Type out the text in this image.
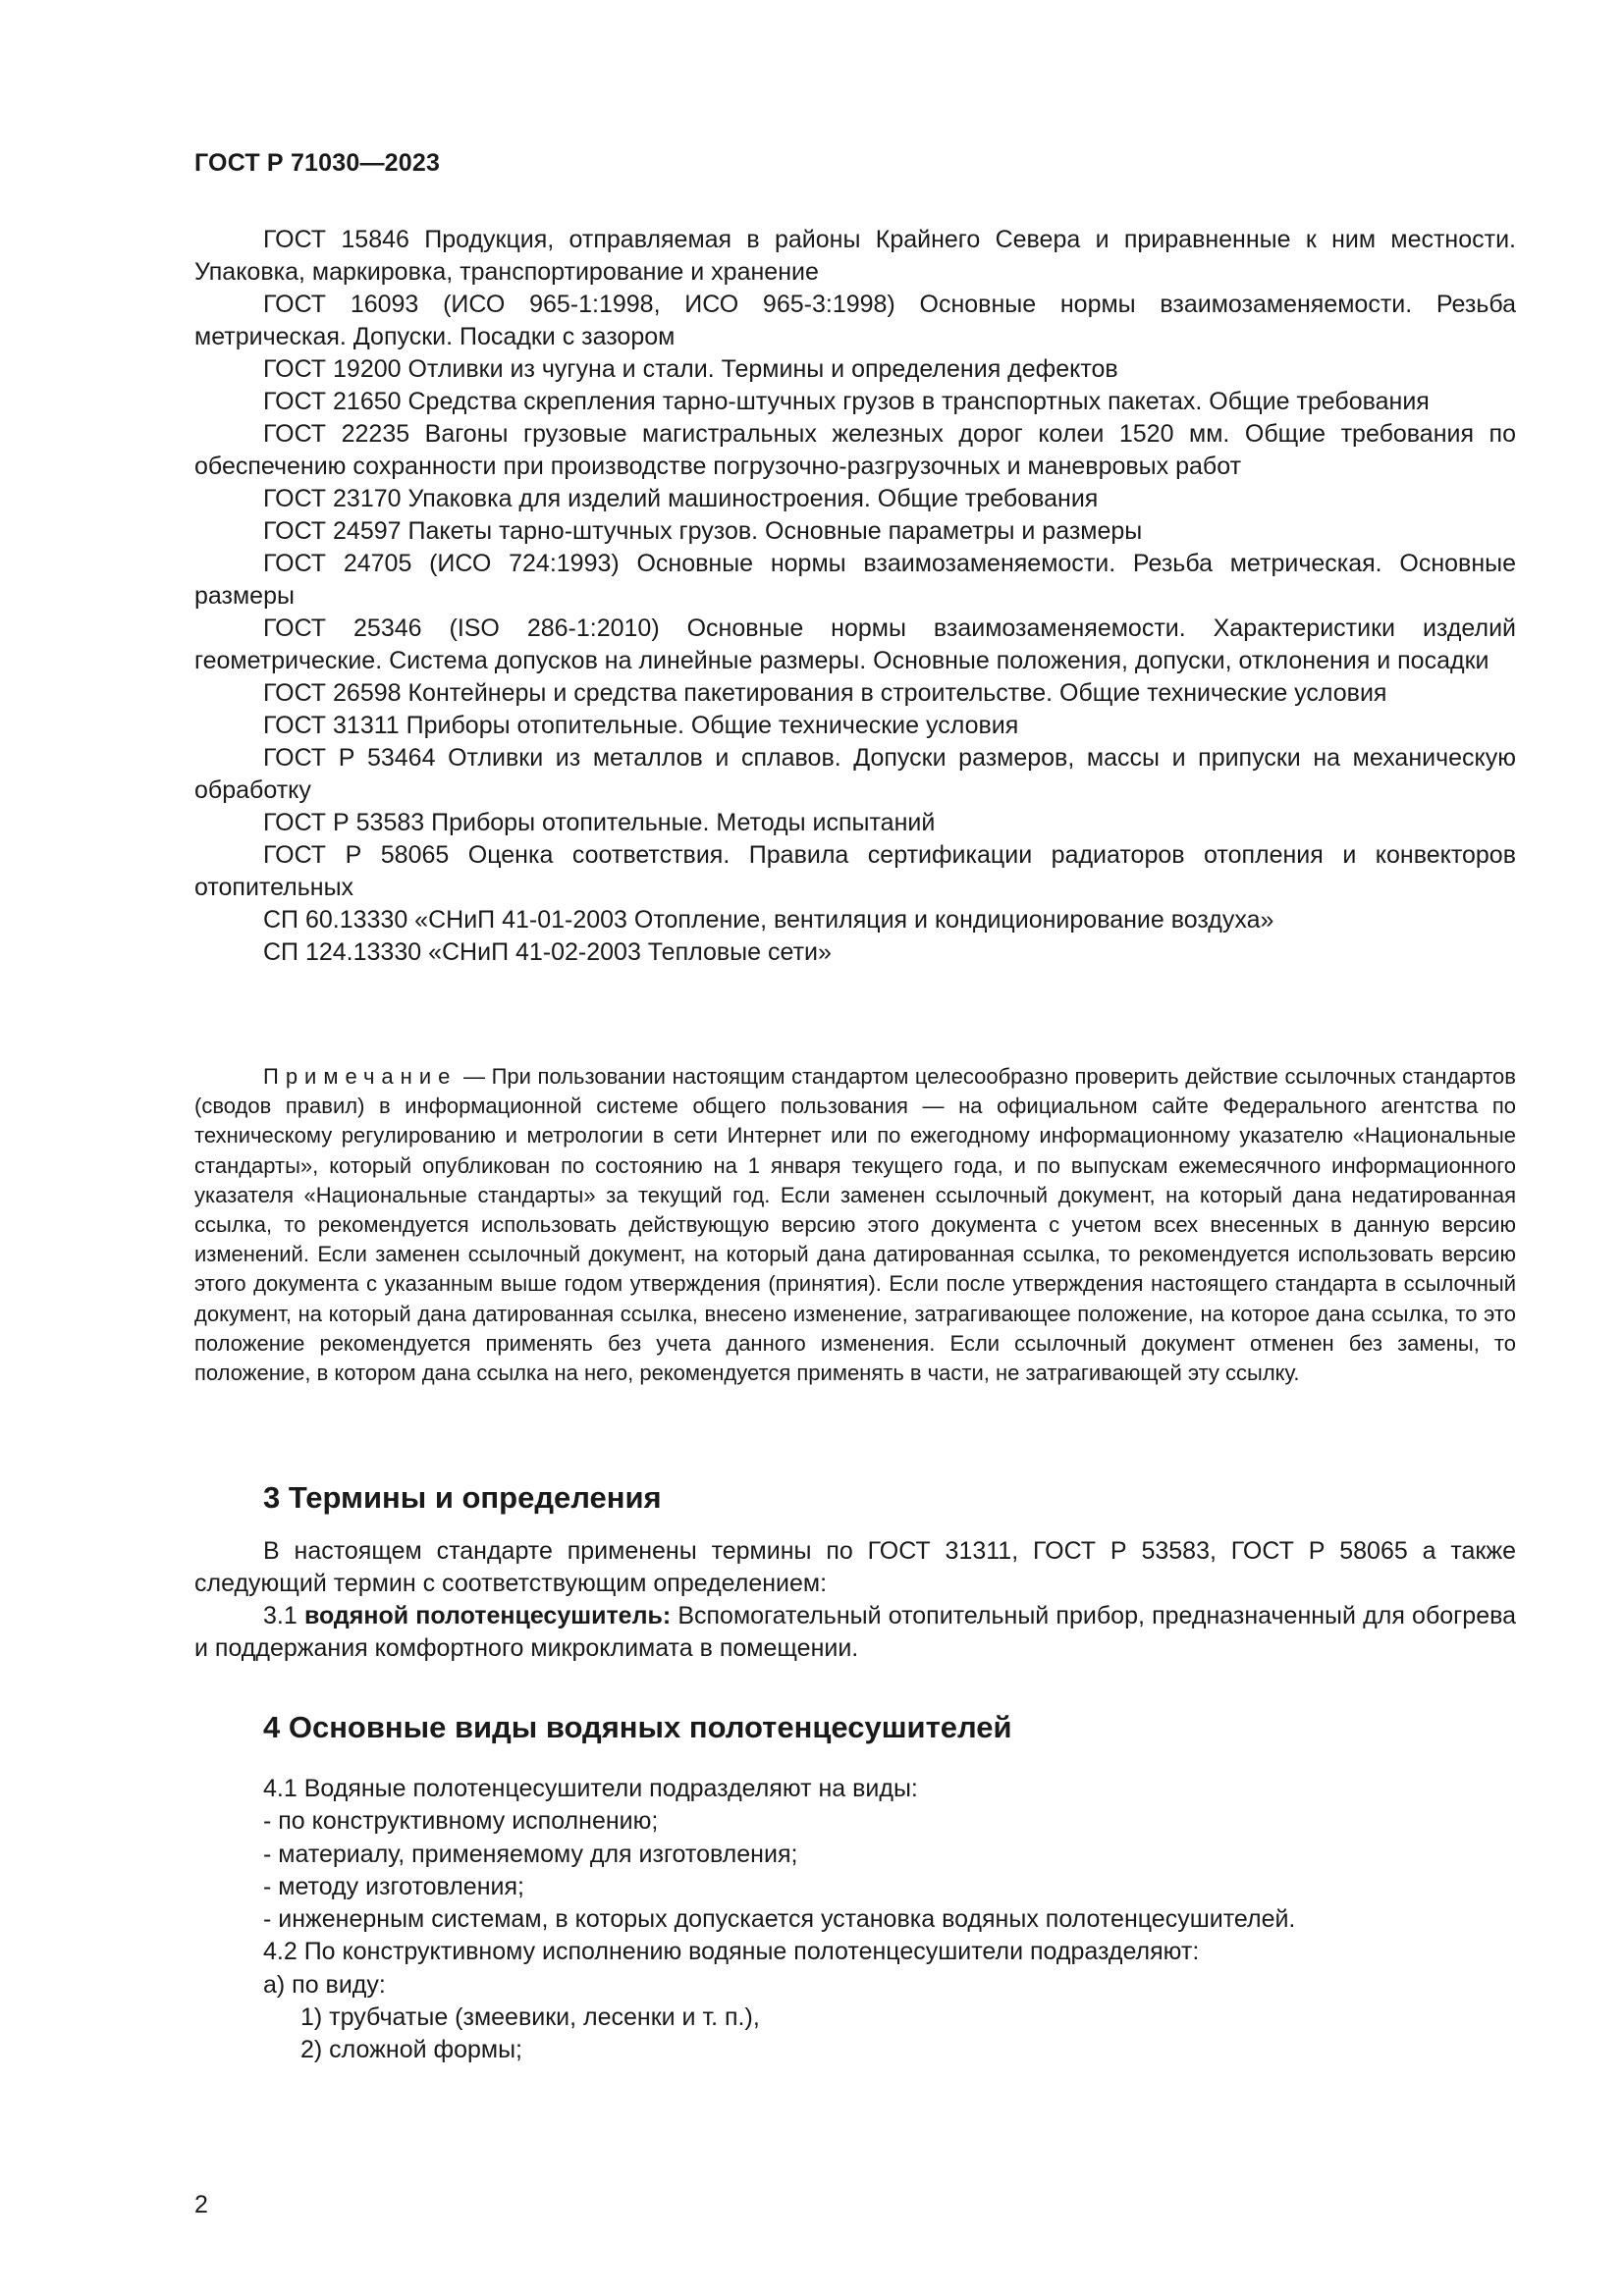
ГОСТ Р 71030—2023

ГОСТ 15846 Продукция, отправляемая в районы Крайнего Севера и приравненные к ним местности. Упаковка, маркировка, транспортирование и хранение

ГОСТ 16093 (ИСО 965-1:1998, ИСО 965-3:1998) Основные нормы взаимозаменяемости. Резьба метрическая. Допуски. Посадки с зазором

ГОСТ 19200 Отливки из чугуна и стали. Термины и определения дефектов

ГОСТ 21650 Средства скрепления тарно-штучных грузов в транспортных пакетах. Общие требования

ГОСТ 22235 Вагоны грузовые магистральных железных дорог колеи 1520 мм. Общие требования по обеспечению сохранности при производстве погрузочно-разгрузочных и маневровых работ

ГОСТ 23170 Упаковка для изделий машиностроения. Общие требования

ГОСТ 24597 Пакеты тарно-штучных грузов. Основные параметры и размеры

ГОСТ 24705 (ИСО 724:1993) Основные нормы взаимозаменяемости. Резьба метрическая. Основные размеры

ГОСТ 25346 (ISO 286-1:2010) Основные нормы взаимозаменяемости. Характеристики изделий геометрические. Система допусков на линейные размеры. Основные положения, допуски, отклонения и посадки

ГОСТ 26598 Контейнеры и средства пакетирования в строительстве. Общие технические условия

ГОСТ 31311 Приборы отопительные. Общие технические условия

ГОСТ Р 53464 Отливки из металлов и сплавов. Допуски размеров, массы и припуски на механическую обработку

ГОСТ Р 53583 Приборы отопительные. Методы испытаний

ГОСТ Р 58065 Оценка соответствия. Правила сертификации радиаторов отопления и конвекторов отопительных

СП 60.13330 «СНиП 41-01-2003 Отопление, вентиляция и кондиционирование воздуха»

СП 124.13330 «СНиП 41-02-2003 Тепловые сети»

Примечание — При пользовании настоящим стандартом целесообразно проверить действие ссылочных стандартов (сводов правил) в информационной системе общего пользования — на официальном сайте Федерального агентства по техническому регулированию и метрологии в сети Интернет или по ежегодному информационному указателю «Национальные стандарты», который опубликован по состоянию на 1 января текущего года, и по выпускам ежемесячного информационного указателя «Национальные стандарты» за текущий год. Если заменен ссылочный документ, на который дана недатированная ссылка, то рекомендуется использовать действующую версию этого документа с учетом всех внесенных в данную версию изменений. Если заменен ссылочный документ, на который дана датированная ссылка, то рекомендуется использовать версию этого документа с указанным выше годом утверждения (принятия). Если после утверждения настоящего стандарта в ссылочный документ, на который дана датированная ссылка, внесено изменение, затрагивающее положение, на которое дана ссылка, то это положение рекомендуется применять без учета данного изменения. Если ссылочный документ отменен без замены, то положение, в котором дана ссылка на него, рекомендуется применять в части, не затрагивающей эту ссылку.

3 Термины и определения

В настоящем стандарте применены термины по ГОСТ 31311, ГОСТ Р 53583, ГОСТ Р 58065 а также следующий термин с соответствующим определением:

3.1 водяной полотенцесушитель: Вспомогательный отопительный прибор, предназначенный для обогрева и поддержания комфортного микроклимата в помещении.

4 Основные виды водяных полотенцесушителей

4.1 Водяные полотенцесушители подразделяют на виды:

- по конструктивному исполнению;

- материалу, применяемому для изготовления;

- методу изготовления;

- инженерным системам, в которых допускается установка водяных полотенцесушителей.

4.2 По конструктивному исполнению водяные полотенцесушители подразделяют:

а) по виду:

1) трубчатые (змеевики, лесенки и т. п.),

2) сложной формы;

2
